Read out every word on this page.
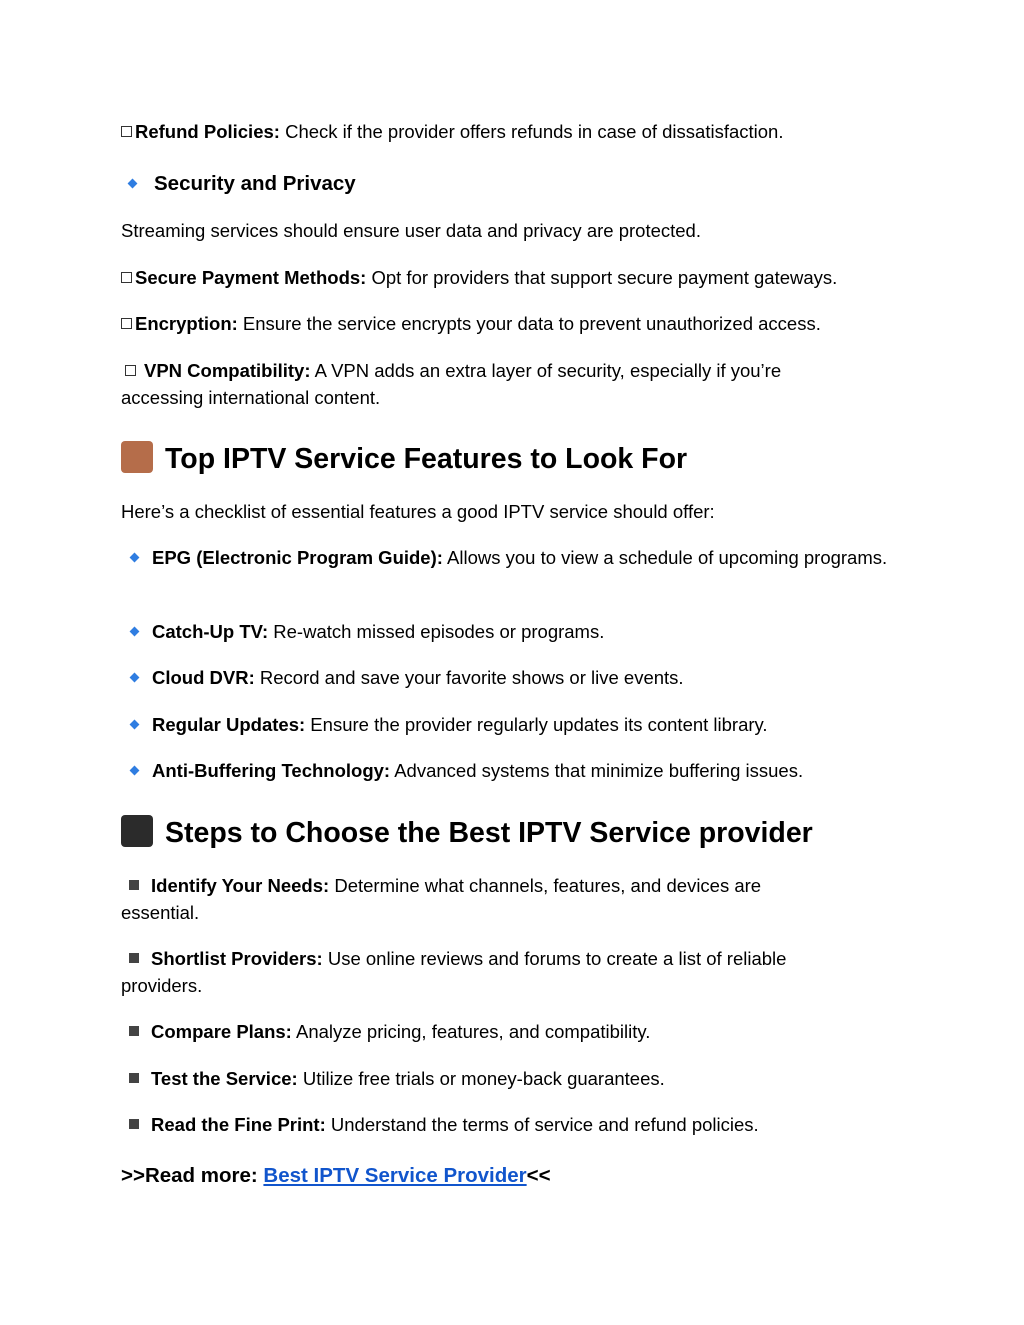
Refund Policies: Check if the provider offers refunds in case of dissatisfaction.
Security and Privacy
Streaming services should ensure user data and privacy are protected.
Secure Payment Methods: Opt for providers that support secure payment gateways.
Encryption: Ensure the service encrypts your data to prevent unauthorized access.
VPN Compatibility: A VPN adds an extra layer of security, especially if you’re accessing international content.
Top IPTV Service Features to Look For
Here’s a checklist of essential features a good IPTV service should offer:
EPG (Electronic Program Guide): Allows you to view a schedule of upcoming programs.
Catch-Up TV: Re-watch missed episodes or programs.
Cloud DVR: Record and save your favorite shows or live events.
Regular Updates: Ensure the provider regularly updates its content library.
Anti-Buffering Technology: Advanced systems that minimize buffering issues.
Steps to Choose the Best IPTV Service provider
Identify Your Needs: Determine what channels, features, and devices are essential.
Shortlist Providers: Use online reviews and forums to create a list of reliable providers.
Compare Plans: Analyze pricing, features, and compatibility.
Test the Service: Utilize free trials or money-back guarantees.
Read the Fine Print: Understand the terms of service and refund policies.
>>Read more: Best IPTV Service Provider<<
